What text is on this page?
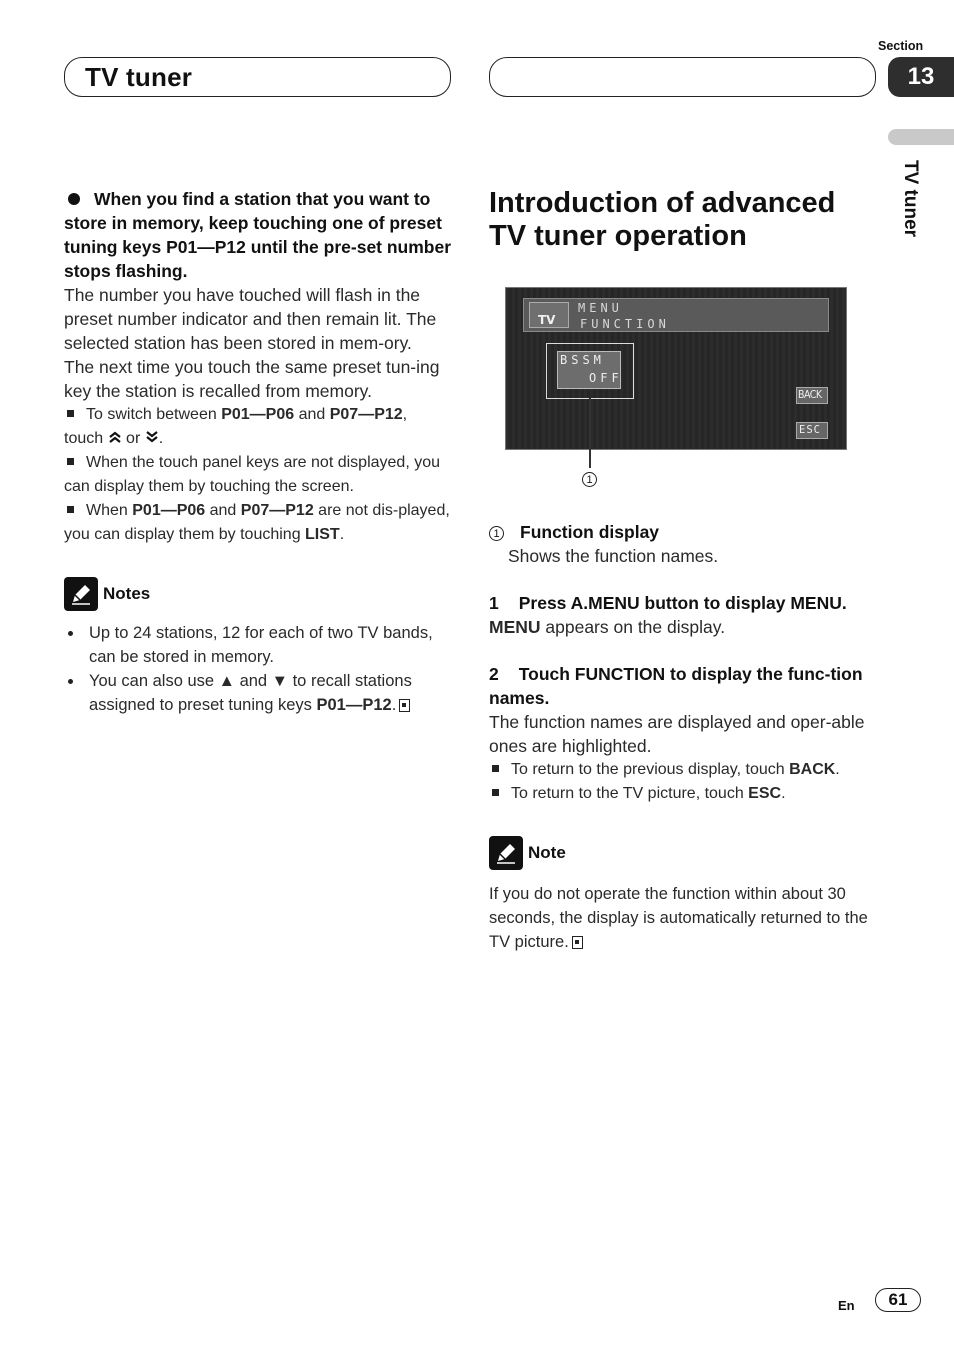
TV tuner
Section
13
TV tuner

When you find a station that you want to store in memory, keep touching one of preset tuning keys P01—P12 until the pre-set number stops flashing.

The number you have touched will flash in the preset number indicator and then remain lit. The selected station has been stored in mem-ory.

The next time you touch the same preset tun-ing key the station is recalled from memory.

To switch between P01—P06 and P07—P12,
touch  or .

When the touch panel keys are not displayed, you can display them by touching the screen.

When P01—P06 and P07—P12 are not dis-played, you can display them by touching LIST.

Notes
Up to 24 stations, 12 for each of two TV bands, can be stored in memory.
You can also use ▲ and ▼ to recall stations assigned to preset tuning keys P01—P12.
Introduction of advanced TV tuner operation
TV
MENU
FUNCTION
BSSM
OFF
BACK
ESC
1

1 Function display

Shows the function names.

1 Press A.MENU button to display MENU.

MENU appears on the display.

2 Touch FUNCTION to display the func-tion names.

The function names are displayed and oper-able ones are highlighted.

To return to the previous display, touch BACK.

To return to the TV picture, touch ESC.

Note

If you do not operate the function within about 30 seconds, the display is automatically returned to the TV picture.

En	61
